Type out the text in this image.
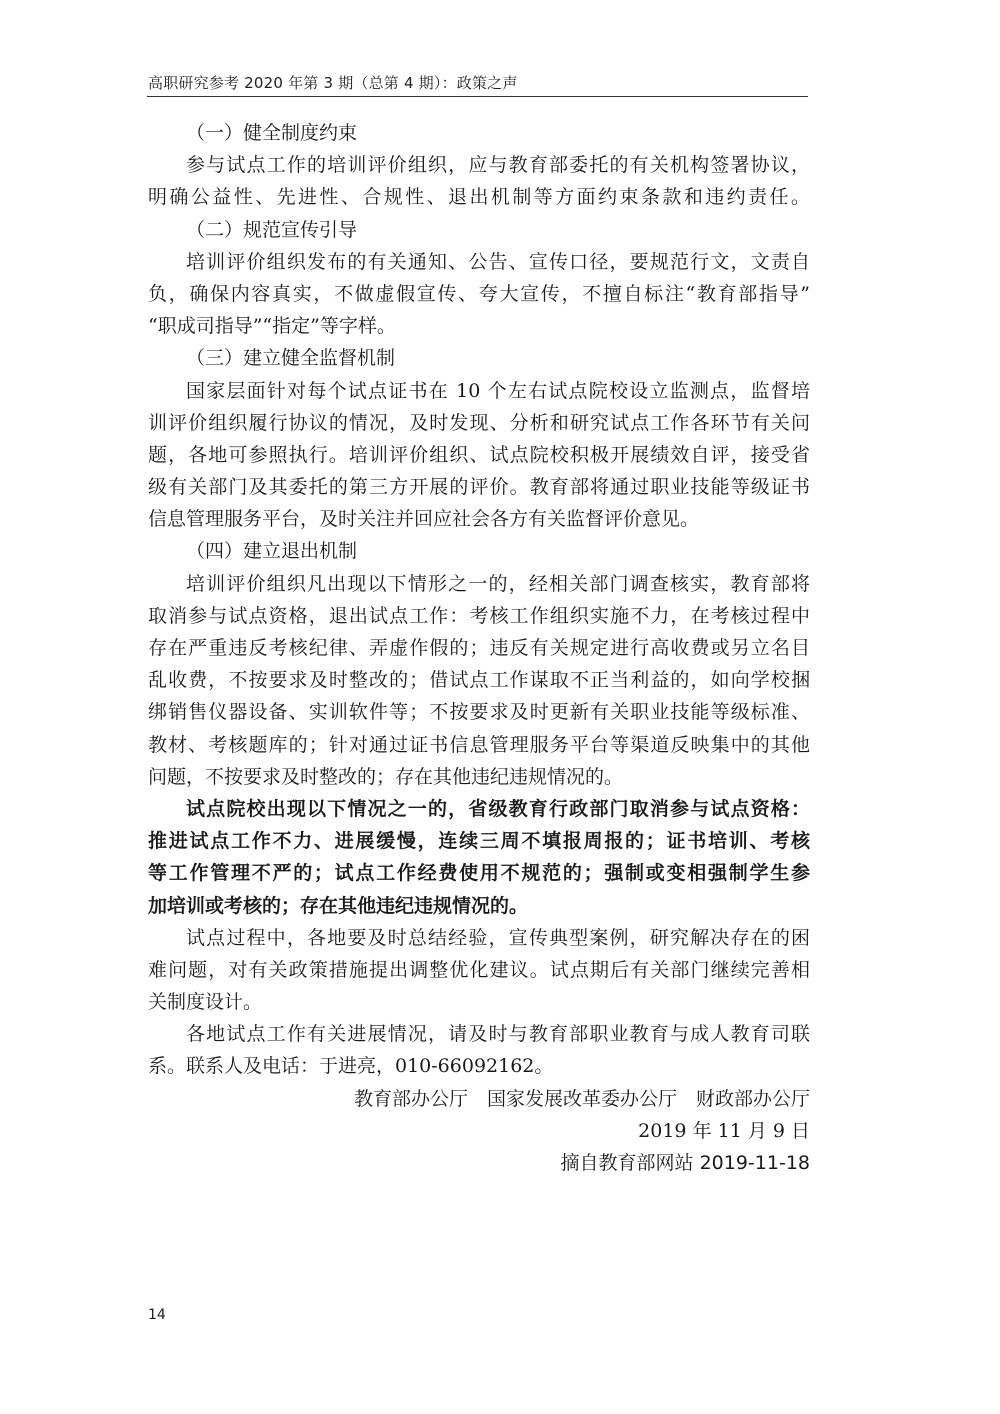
高职研究参考 2020 年第 3 期（总第 4 期）：政策之声
（一）健全制度约束
参与试点工作的培训评价组织，应与教育部委托的有关机构签署协议，
明确公益性、先进性、合规性、退出机制等方面约束条款和违约责任。
（二）规范宣传引导
培训评价组织发布的有关通知、公告、宣传口径，要规范行文，文责自
负，确保内容真实，不做虚假宣传、夸大宣传，不擅自标注“教育部指导”
“职成司指导”“指定”等字样。
（三）建立健全监督机制
国家层面针对每个试点证书在 10 个左右试点院校设立监测点，监督培
训评价组织履行协议的情况，及时发现、分析和研究试点工作各环节有关问
题，各地可参照执行。培训评价组织、试点院校积极开展绩效自评，接受省
级有关部门及其委托的第三方开展的评价。教育部将通过职业技能等级证书
信息管理服务平台，及时关注并回应社会各方有关监督评价意见。
（四）建立退出机制
培训评价组织凡出现以下情形之一的，经相关部门调查核实，教育部将
取消参与试点资格，退出试点工作：考核工作组织实施不力，在考核过程中
存在严重违反考核纪律、弄虚作假的；违反有关规定进行高收费或另立名目
乱收费，不按要求及时整改的；借试点工作谋取不正当利益的，如向学校捆
绑销售仪器设备、实训软件等；不按要求及时更新有关职业技能等级标准、
教材、考核题库的；针对通过证书信息管理服务平台等渠道反映集中的其他
问题，不按要求及时整改的；存在其他违纪违规情况的。
试点院校出现以下情况之一的，省级教育行政部门取消参与试点资格：
推进试点工作不力、进展缓慢，连续三周不填报周报的；证书培训、考核
等工作管理不严的；试点工作经费使用不规范的；强制或变相强制学生参
加培训或考核的；存在其他违纪违规情况的。
试点过程中，各地要及时总结经验，宣传典型案例，研究解决存在的困
难问题，对有关政策措施提出调整优化建议。试点期后有关部门继续完善相
关制度设计。
各地试点工作有关进展情况，请及时与教育部职业教育与成人教育司联
系。联系人及电话：于进亮，010-66092162。
教育部办公厅　国家发展改革委办公厅　财政部办公厅
2019 年 11 月 9 日
摘自教育部网站 2019-11-18
14
